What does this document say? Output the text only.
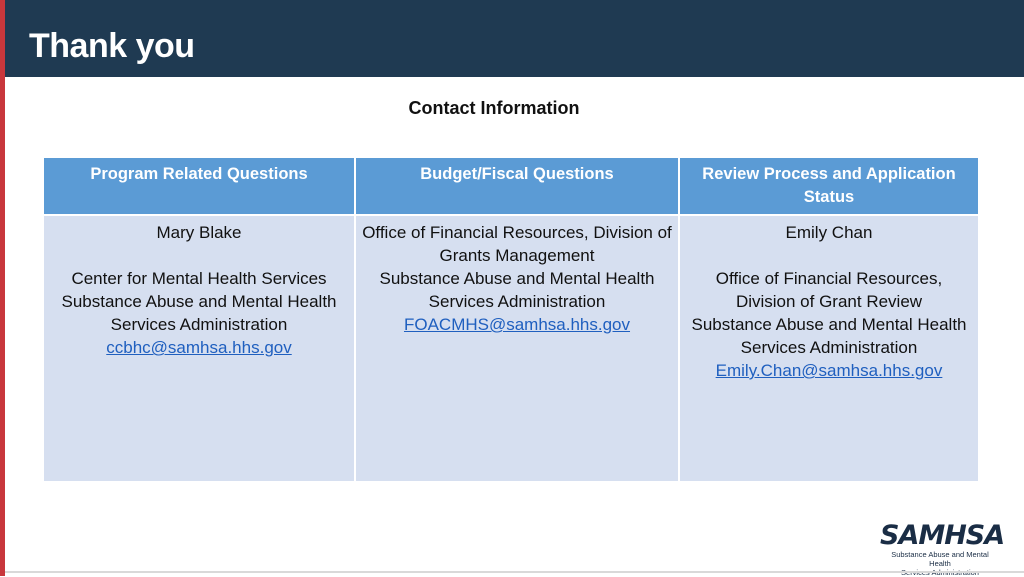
Thank you
Contact Information
Program Related Questions	Budget/Fiscal Questions	Review Process and Application Status

Mary Blake
Center for Mental Health Services
Substance Abuse and Mental Health Services Administration
ccbhc@samhsa.hhs.gov	Office of Financial Resources, Division of Grants Management
Substance Abuse and Mental Health Services Administration
FOACMHS@samhsa.hhs.gov	Emily Chan
Office of Financial Resources, Division of Grant Review
Substance Abuse and Mental Health Services Administration
Emily.Chan@samhsa.hhs.gov
SAMHSA
Substance Abuse and Mental Health
